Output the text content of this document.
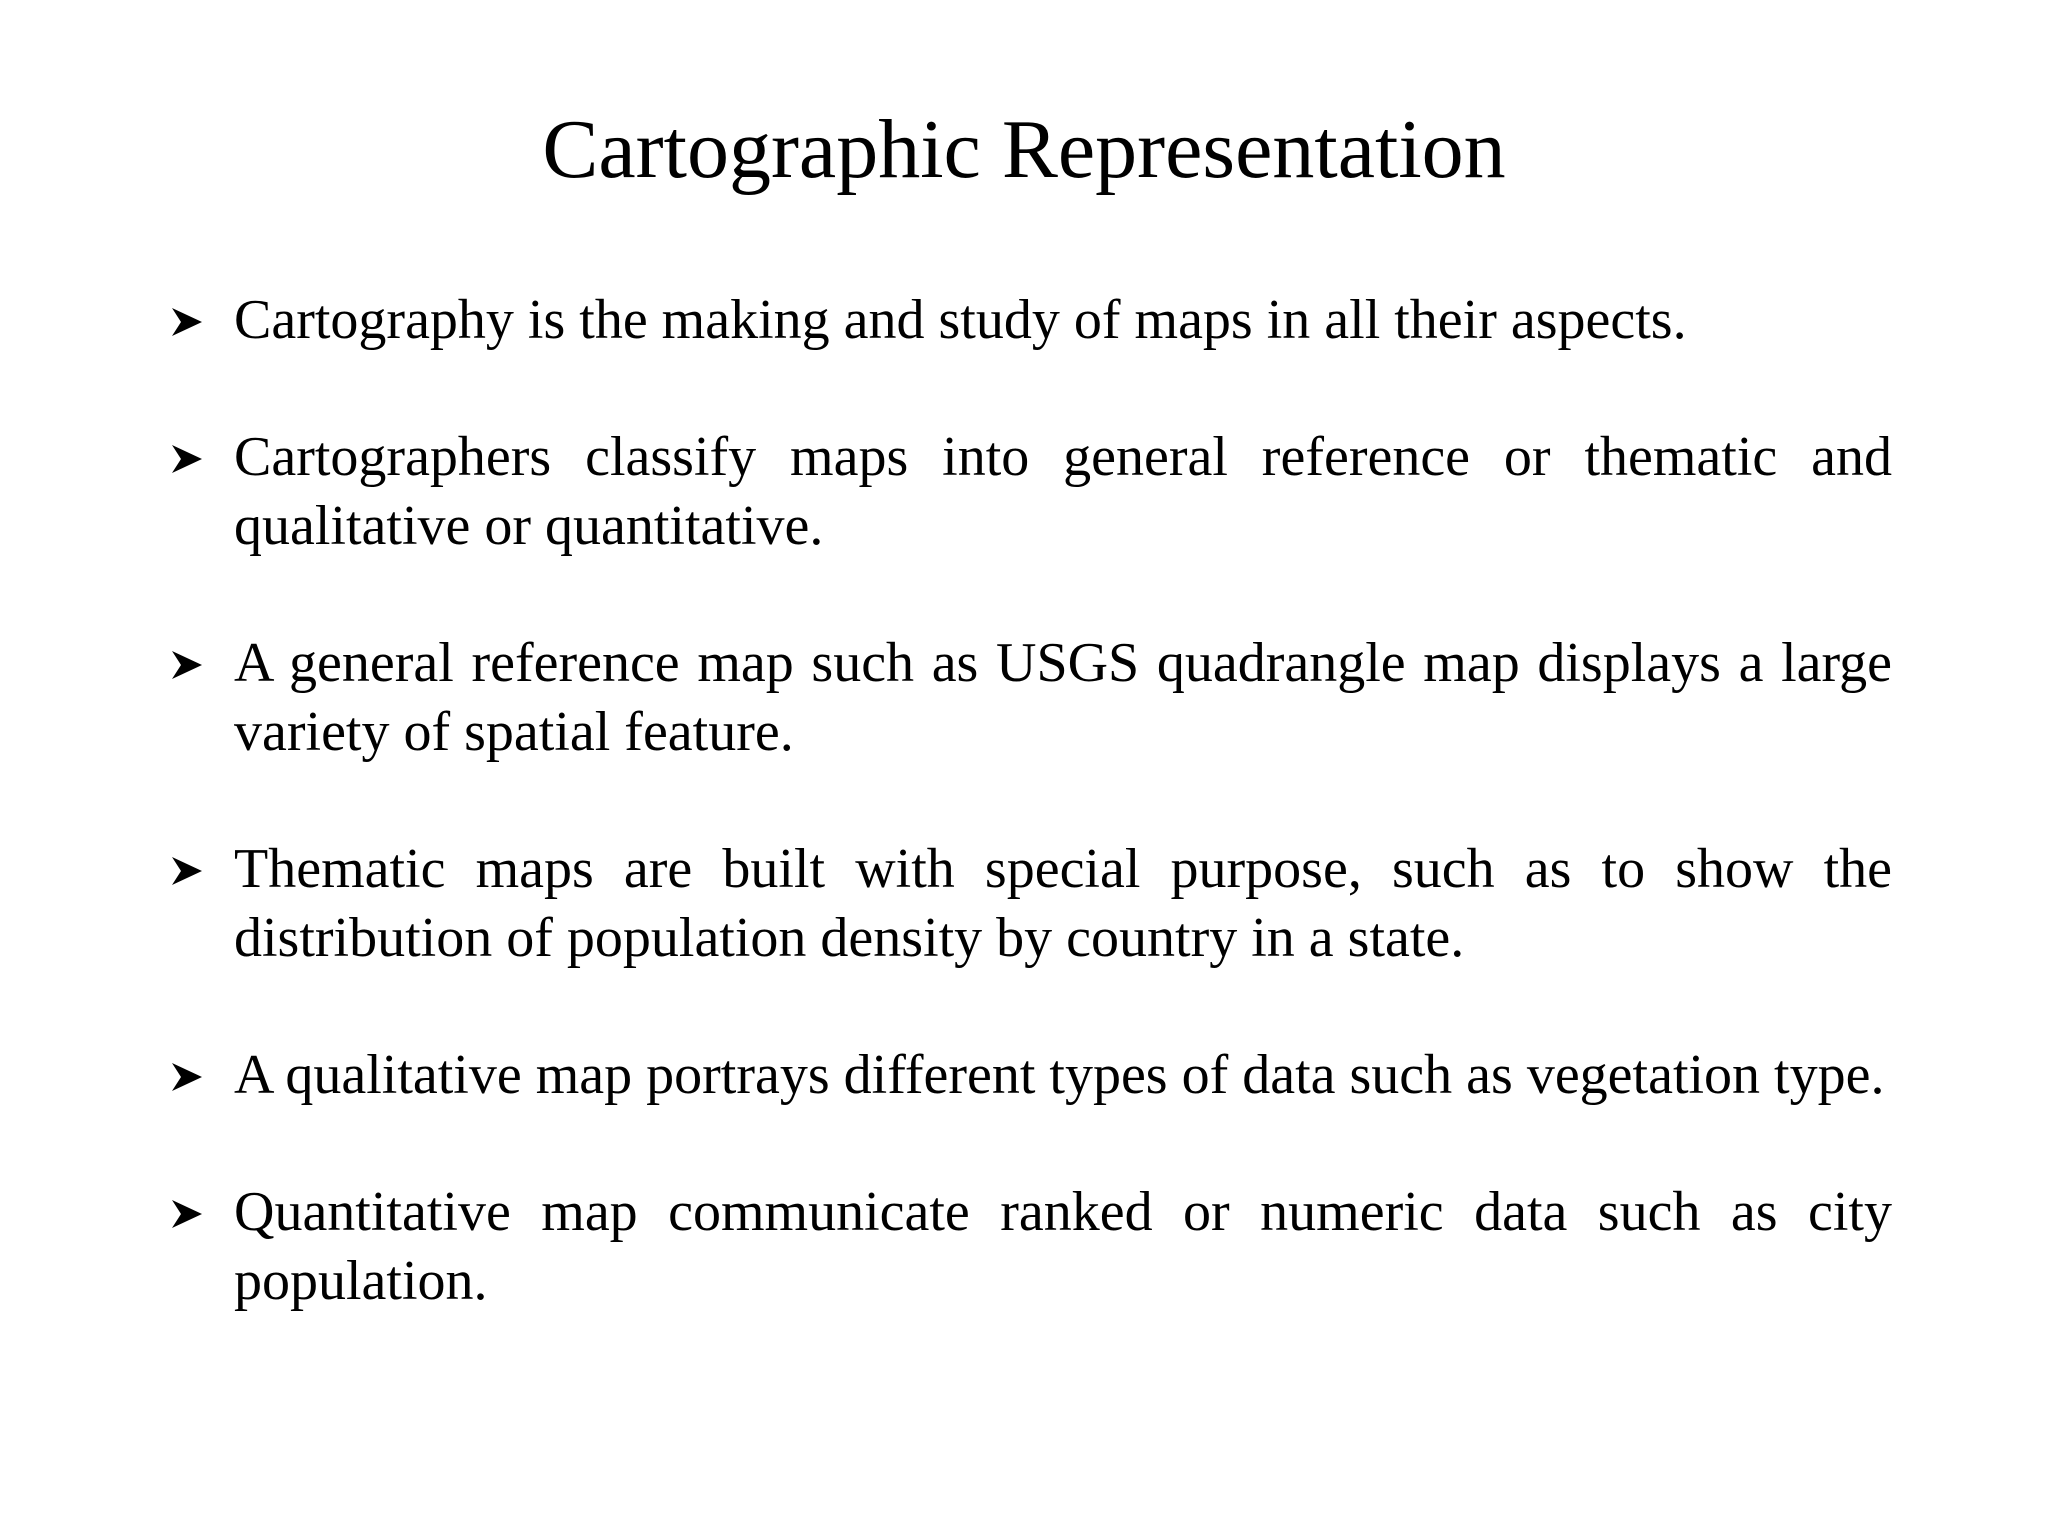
Cartographic Representation
Cartography is the making and study of maps in all their aspects.
Cartographers classify maps into general reference or thematic and qualitative or quantitative.
A general reference map such as USGS quadrangle map displays a large variety of spatial feature.
Thematic maps are built with special purpose, such as to show the distribution of population density by country in a state.
A qualitative map portrays different types of data such as vegetation type.
Quantitative map communicate ranked or numeric data such as city population.
